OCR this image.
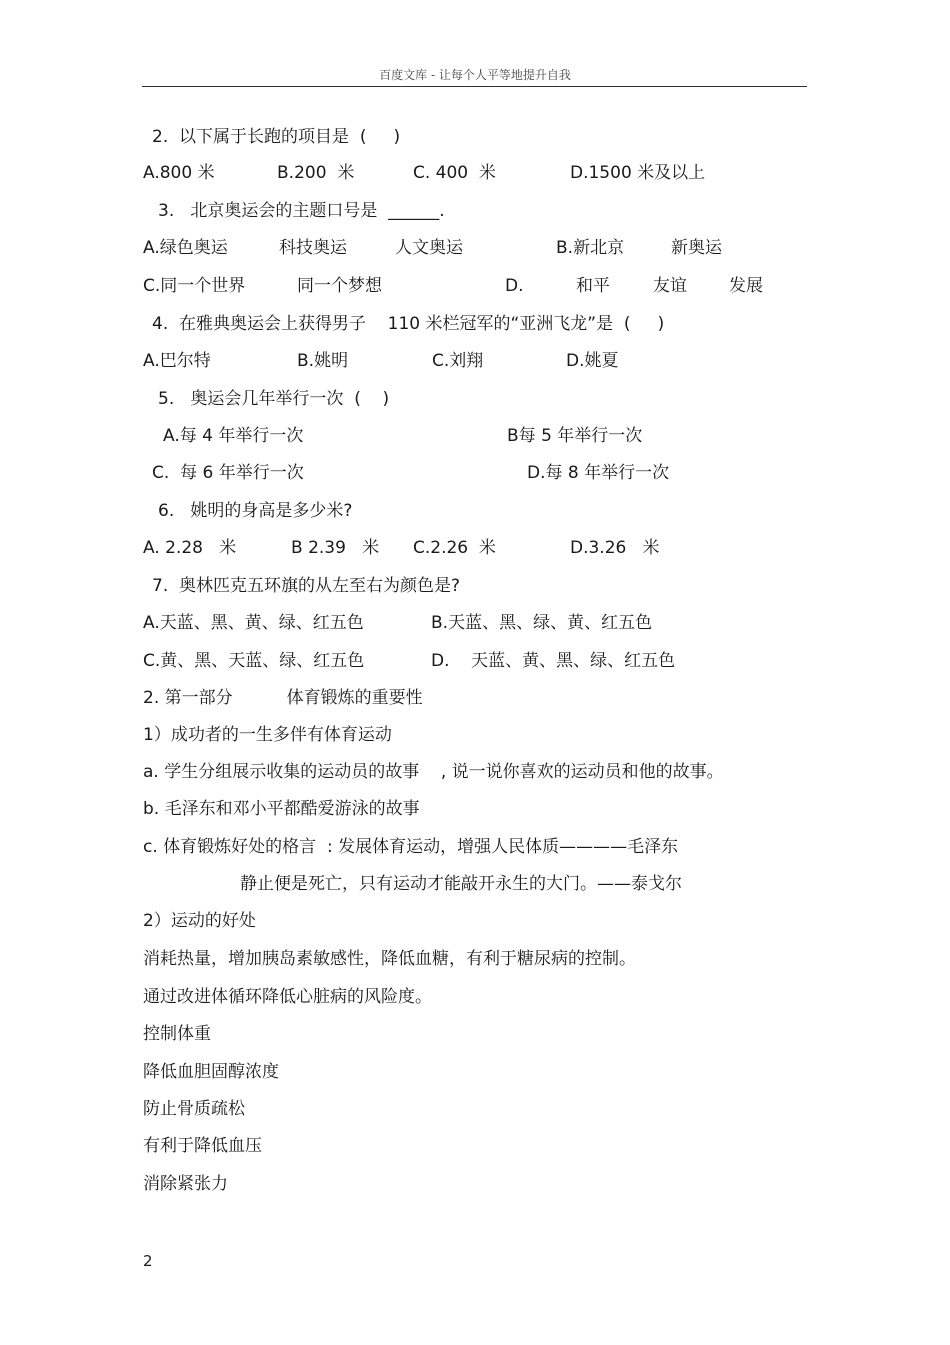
百度文库 - 让每个人平等地提升自我
2.  以下属于长跑的项目是  (     )
A.800 米	B.200  米	C. 400  米	D.1500 米及以上
3.   北京奥运会的主题口号是  ______.
A.绿色奥运	科技奥运	人文奥运	B.新北京	新奥运
C.同一个世界	同一个梦想	D.	和平	友谊 发展
4.  在雅典奥运会上获得男子    110 米栏冠军的“亚洲飞龙”是  (     )
A.巴尔特	B.姚明	C.刘翔	D.姚夏
5.   奥运会几年举行一次  (    )
A.每 4 年举行一次	B每 5 年举行一次
C.  每 6 年举行一次	D.每 8 年举行一次
6.   姚明的身高是多少米?
A. 2.28   米	B 2.39   米 C.2.26  米	D.3.26   米
7.  奥林匹克五环旗的从左至右为颜色是?
A.天蓝、黑、黄、绿、红五色	B.天蓝、黑、绿、黄、红五色
C.黄、黑、天蓝、绿、红五色	D.    天蓝、黄、黑、绿、红五色
2. 第一部分          体育锻炼的重要性
1）成功者的一生多伴有体育运动
a. 学生分组展示收集的运动员的故事    , 说一说你喜欢的运动员和他的故事。
b. 毛泽东和邓小平都酷爱游泳的故事
c. 体育锻炼好处的格言  : 发展体育运动，增强人民体质————毛泽东
静止便是死亡，只有运动才能敲开永生的大门。——泰戈尔
2）运动的好处
消耗热量，增加胰岛素敏感性，降低血糖，有利于糖尿病的控制。
通过改进体循环降低心脏病的风险度。
控制体重
降低血胆固醇浓度
防止骨质疏松
有利于降低血压
消除紧张力
2
